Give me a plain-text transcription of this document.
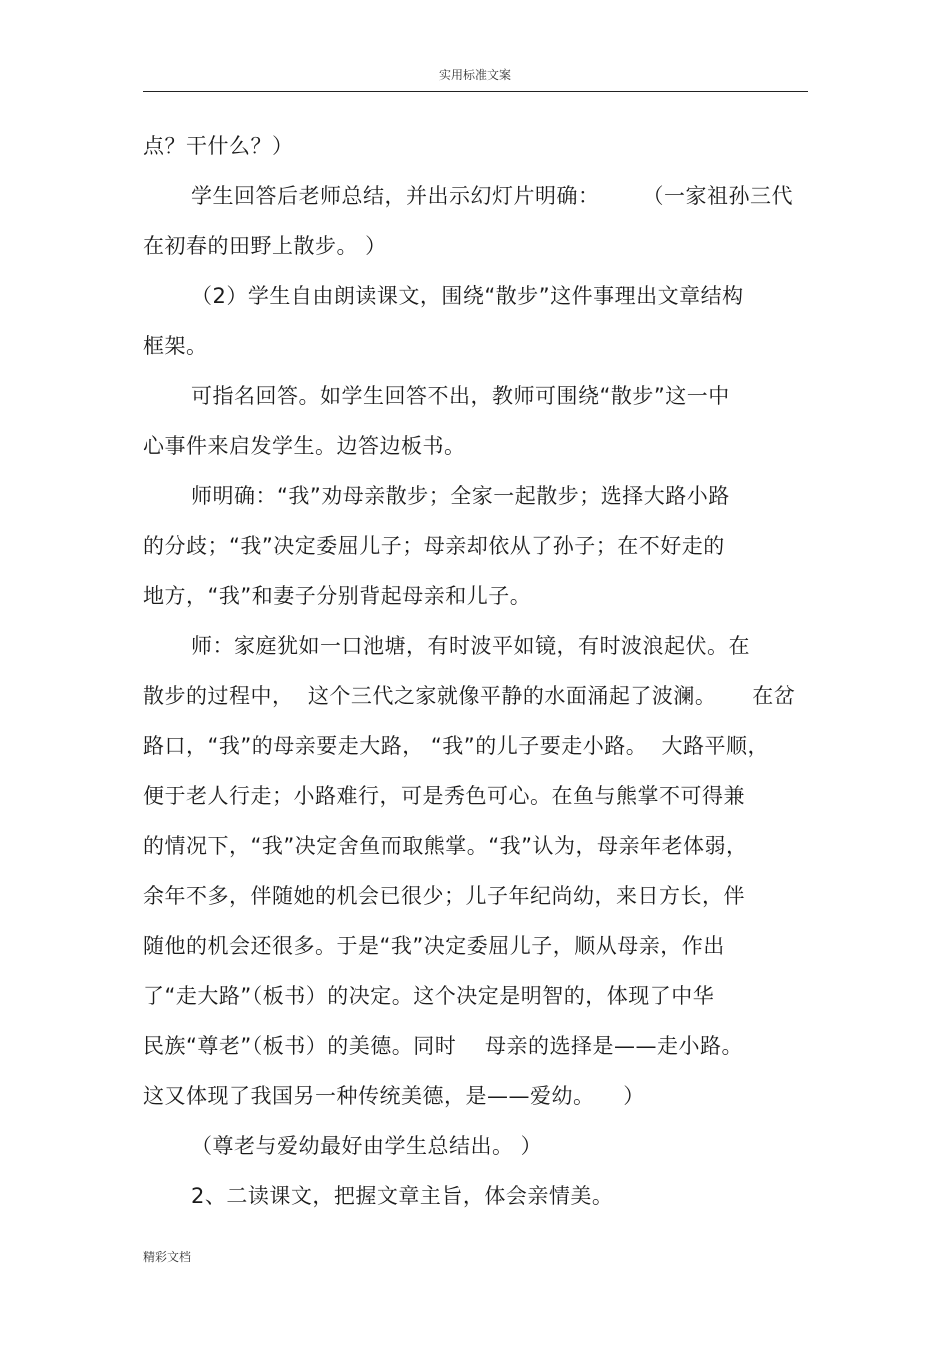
实用标准文案
点？干什么？）
学生回答后老师总结，并出示幻灯片明确：      （一家祖孙三代
在初春的田野上散步。 ）
（2）学生自由朗读课文，围绕“散步”这件事理出文章结构
框架。
可指名回答。如学生回答不出，教师可围绕“散步”这一中
心事件来启发学生。边答边板书。
师明确：“我”劝母亲散步；全家一起散步；选择大路小路
的分歧；“我”决定委屈儿子；母亲却依从了孙子；在不好走的
地方，“我”和妻子分别背起母亲和儿子。
师：家庭犹如一口池塘，有时波平如镜，有时波浪起伏。在
散步的过程中，  这个三代之家就像平静的水面涌起了波澜。     在岔
路口，“我”的母亲要走大路， “我”的儿子要走小路。  大路平顺，
便于老人行走；小路难行，可是秀色可心。在鱼与熊掌不可得兼
的情况下，“我”决定舍鱼而取熊掌。“我”认为，母亲年老体弱，
余年不多，伴随她的机会已很少；儿子年纪尚幼，来日方长，伴
随他的机会还很多。于是“我”决定委屈儿子，顺从母亲，作出
了“走大路”（板书）的决定。这个决定是明智的，体现了中华
民族“尊老”（板书）的美德。同时    母亲的选择是——走小路。
这又体现了我国另一种传统美德，是——爱幼。    ）
（尊老与爱幼最好由学生总结出。 ）
2、二读课文，把握文章主旨，体会亲情美。
精彩文档
